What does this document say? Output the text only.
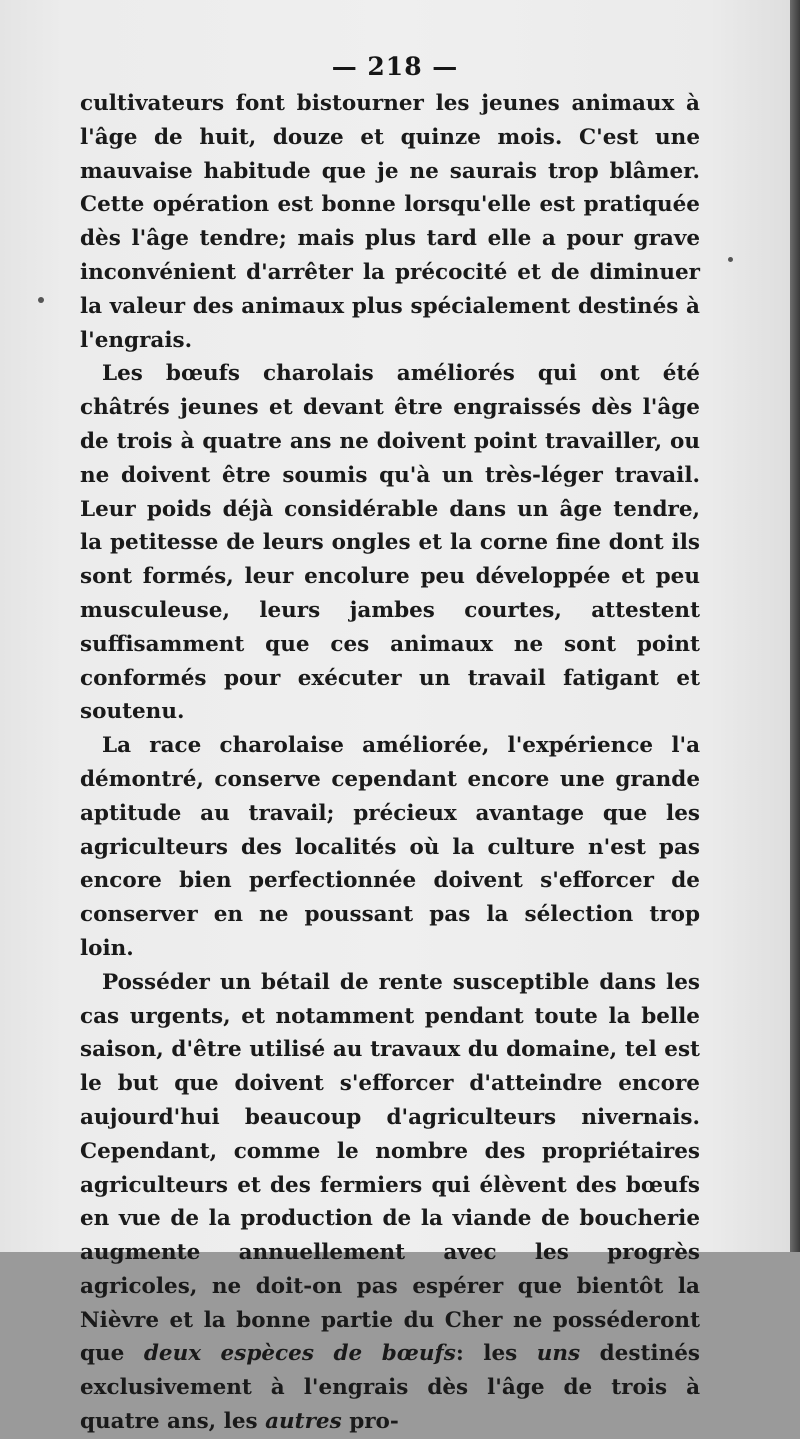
— 218 —

cultivateurs font bistourner les jeunes animaux à l'âge de huit, douze et quinze mois. C'est une mauvaise habitude que je ne saurais trop blâmer. Cette opération est bonne lorsqu'elle est pratiquée dès l'âge tendre; mais plus tard elle a pour grave inconvénient d'arrêter la précocité et de diminuer la valeur des animaux plus spécialement destinés à l'engrais.

Les bœufs charolais améliorés qui ont été châtrés jeunes et devant être engraissés dès l'âge de trois à quatre ans ne doivent point travailler, ou ne doivent être soumis qu'à un très-léger travail. Leur poids déjà considérable dans un âge tendre, la petitesse de leurs ongles et la corne fine dont ils sont formés, leur encolure peu développée et peu musculeuse, leurs jambes courtes, attestent suffisamment que ces animaux ne sont point conformés pour exécuter un travail fatigant et soutenu.

La race charolaise améliorée, l'expérience l'a démontré, conserve cependant encore une grande aptitude au travail; précieux avantage que les agriculteurs des localités où la culture n'est pas encore bien perfectionnée doivent s'efforcer de conserver en ne poussant pas la sélection trop loin.

Posséder un bétail de rente susceptible dans les cas urgents, et notamment pendant toute la belle saison, d'être utilisé au travaux du domaine, tel est le but que doivent s'efforcer d'atteindre encore aujourd'hui beaucoup d'agriculteurs nivernais. Cependant, comme le nombre des propriétaires agriculteurs et des fermiers qui élèvent des bœufs en vue de la production de la viande de boucherie augmente annuellement avec les progrès agricoles, ne doit-on pas espérer que bientôt la Nièvre et la bonne partie du Cher ne posséderont que deux espèces de bœufs: les uns destinés exclusivement à l'engrais dès l'âge de trois à quatre ans, les autres pro-
